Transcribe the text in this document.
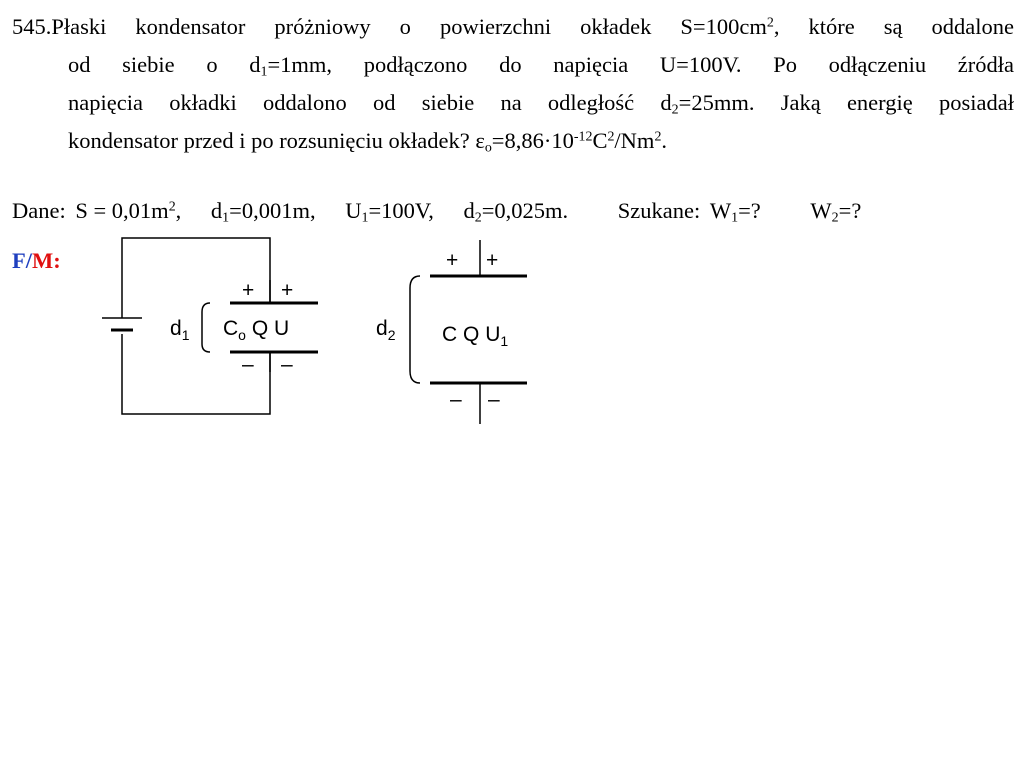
545.Płaski kondensator próżniowy o powierzchni okładek $S=100cm^2$, które są oddalone
od siebie o $d_1=1mm$, podłączono do napięcia U=100V. Po odłączeniu źródła
napięcia okładki oddalono od siebie na odległość $d_2=25mm$. Jaką energię posiadał
kondensator przed i po rozsunięciu okładek? $\varepsilon_o=8,86\cdot 10^{-12}C^2/Nm^2$.
Dane: $S = 0,01m^2$, $d_1=0,001m$, $U_1=100V$, $d_2=0,025m$. Szukane: $W_1=$? $W_2=$?
F/M:
+ +
– –
$d_1$ $C_o$ Q U
+ +
– –
$d_2$ C Q $U_1$
